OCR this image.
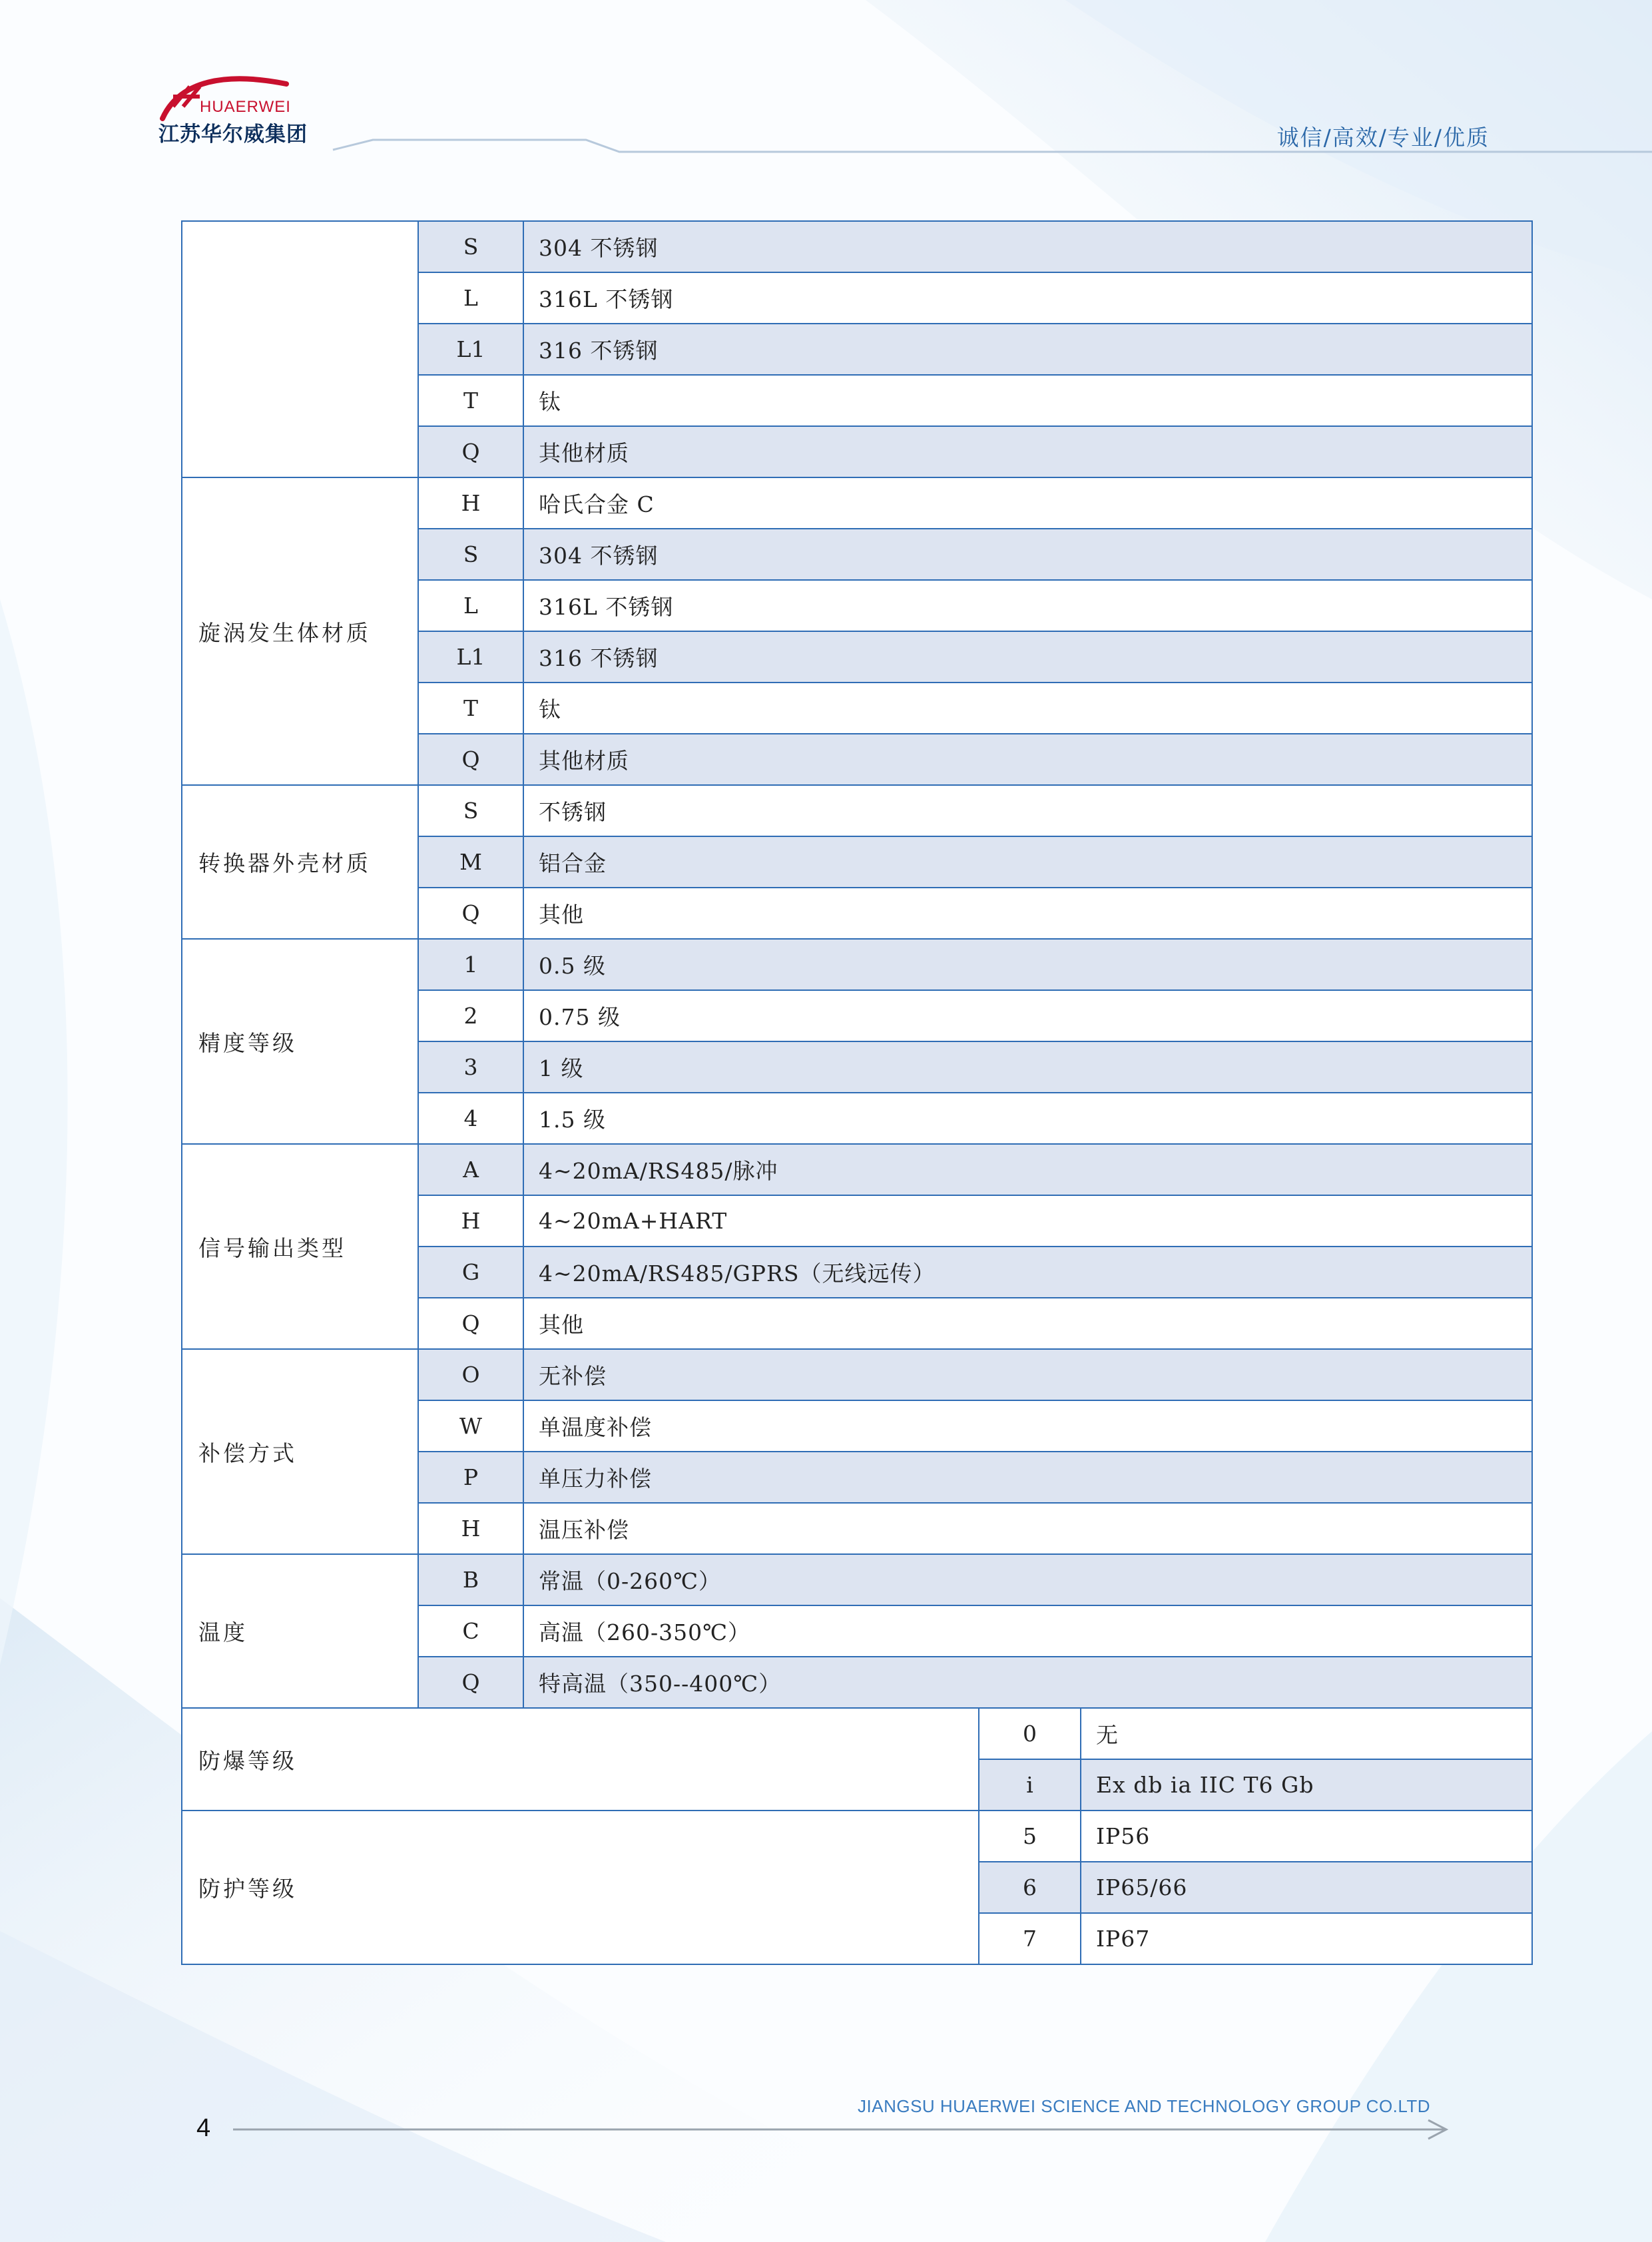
HUAERWEI
江苏华尔威集团	诚信/高效/专业/优质
	S	304 不锈钢		
	L	316L 不锈钢		
	L1	316 不锈钢		
	T	钛		
	Q	其他材质		
旋涡发生体材质	H	哈氏合金 C		
	S	304 不锈钢		
	L	316L 不锈钢		
	L1	316 不锈钢		
	T	钛		
	Q	其他材质		
转换器外壳材质	S	不锈钢		
	M	铝合金		
	Q	其他		
精度等级	1	0.5 级		
	2	0.75 级		
	3	1 级		
	4	1.5 级		
信号输出类型	A	4~20mA/RS485/脉冲		
	H	4~20mA+HART		
	G	4~20mA/RS485/GPRS（无线远传）		
	Q	其他		
补偿方式	O	无补偿		
	W	单温度补偿		
	P	单压力补偿		
	H	温压补偿		
温度	B	常温（0-260℃）		
	C	高温（260-350℃）		
	Q	特高温（350--400℃）		
防爆等级			0	无
			i	Ex db ia IIC T6 Gb
防护等级			5	IP56
			6	IP65/66
			7	IP67
4
JIANGSU HUAERWEI SCIENCE AND TECHNOLOGY GROUP CO.LTD
